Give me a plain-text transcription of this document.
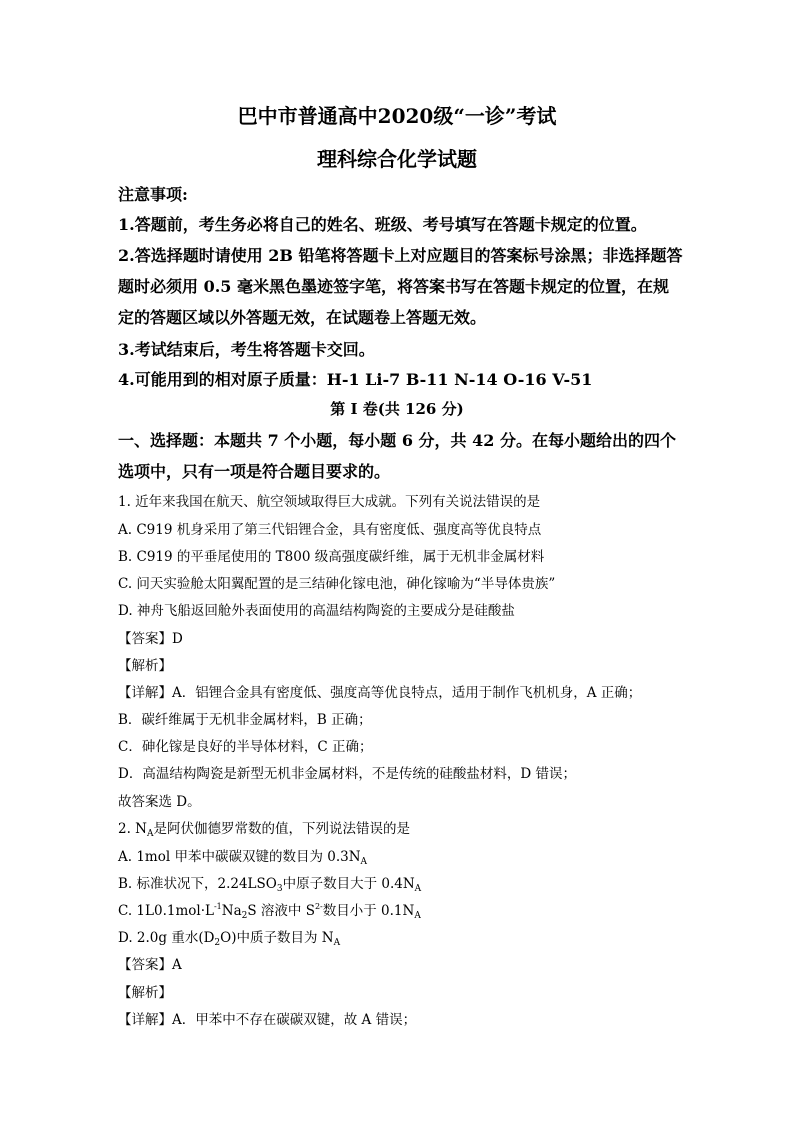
巴中市普通高中2020级“一诊”考试
理科综合化学试题
注意事项:
1.答题前，考生务必将自己的姓名、班级、考号填写在答题卡规定的位置。
2.答选择题时请使用 2B 铅笔将答题卡上对应题目的答案标号涂黑；非选择题答
题时必须用 0.5 毫米黑色墨迹签字笔，将答案书写在答题卡规定的位置，在规
定的答题区域以外答题无效，在试题卷上答题无效。
3.考试结束后，考生将答题卡交回。
4.可能用到的相对原子质量：H-1 Li-7 B-11 N-14 O-16 V-51
第 I 卷(共 126 分)
一、选择题：本题共 7 个小题，每小题 6 分，共 42 分。在每小题给出的四个
选项中，只有一项是符合题目要求的。
1. 近年来我国在航天、航空领域取得巨大成就。下列有关说法错误的是
A. C919 机身采用了第三代铝锂合金，具有密度低、强度高等优良特点
B. C919 的平垂尾使用的 T800 级高强度碳纤维，属于无机非金属材料
C. 问天实验舱太阳翼配置的是三结砷化镓电池，砷化镓喻为“半导体贵族”
D. 神舟飞船返回舱外表面使用的高温结构陶瓷的主要成分是硅酸盐
【答案】D
【解析】
【详解】A．铝锂合金具有密度低、强度高等优良特点，适用于制作飞机机身，A 正确；
B．碳纤维属于无机非金属材料，B 正确；
C．砷化镓是良好的半导体材料，C 正确；
D．高温结构陶瓷是新型无机非金属材料，不是传统的硅酸盐材料，D 错误；
故答案选 D。
2. $N_A$是阿伏伽德罗常数的值，下列说法错误的是
A. 1mol 甲苯中碳碳双键的数目为 $0.3N_A$
B. 标准状况下，$2.24LSO_3$中原子数目大于 $0.4N_A$
C. $1L0.1mol\cdot L^{-1}Na_2S$ 溶液中 $S^{2-}$数目小于 $0.1N_A$
D. 2.0g 重水$(D_2O)$中质子数目为 $N_A$
【答案】A
【解析】
【详解】A．甲苯中不存在碳碳双键，故 A 错误；
